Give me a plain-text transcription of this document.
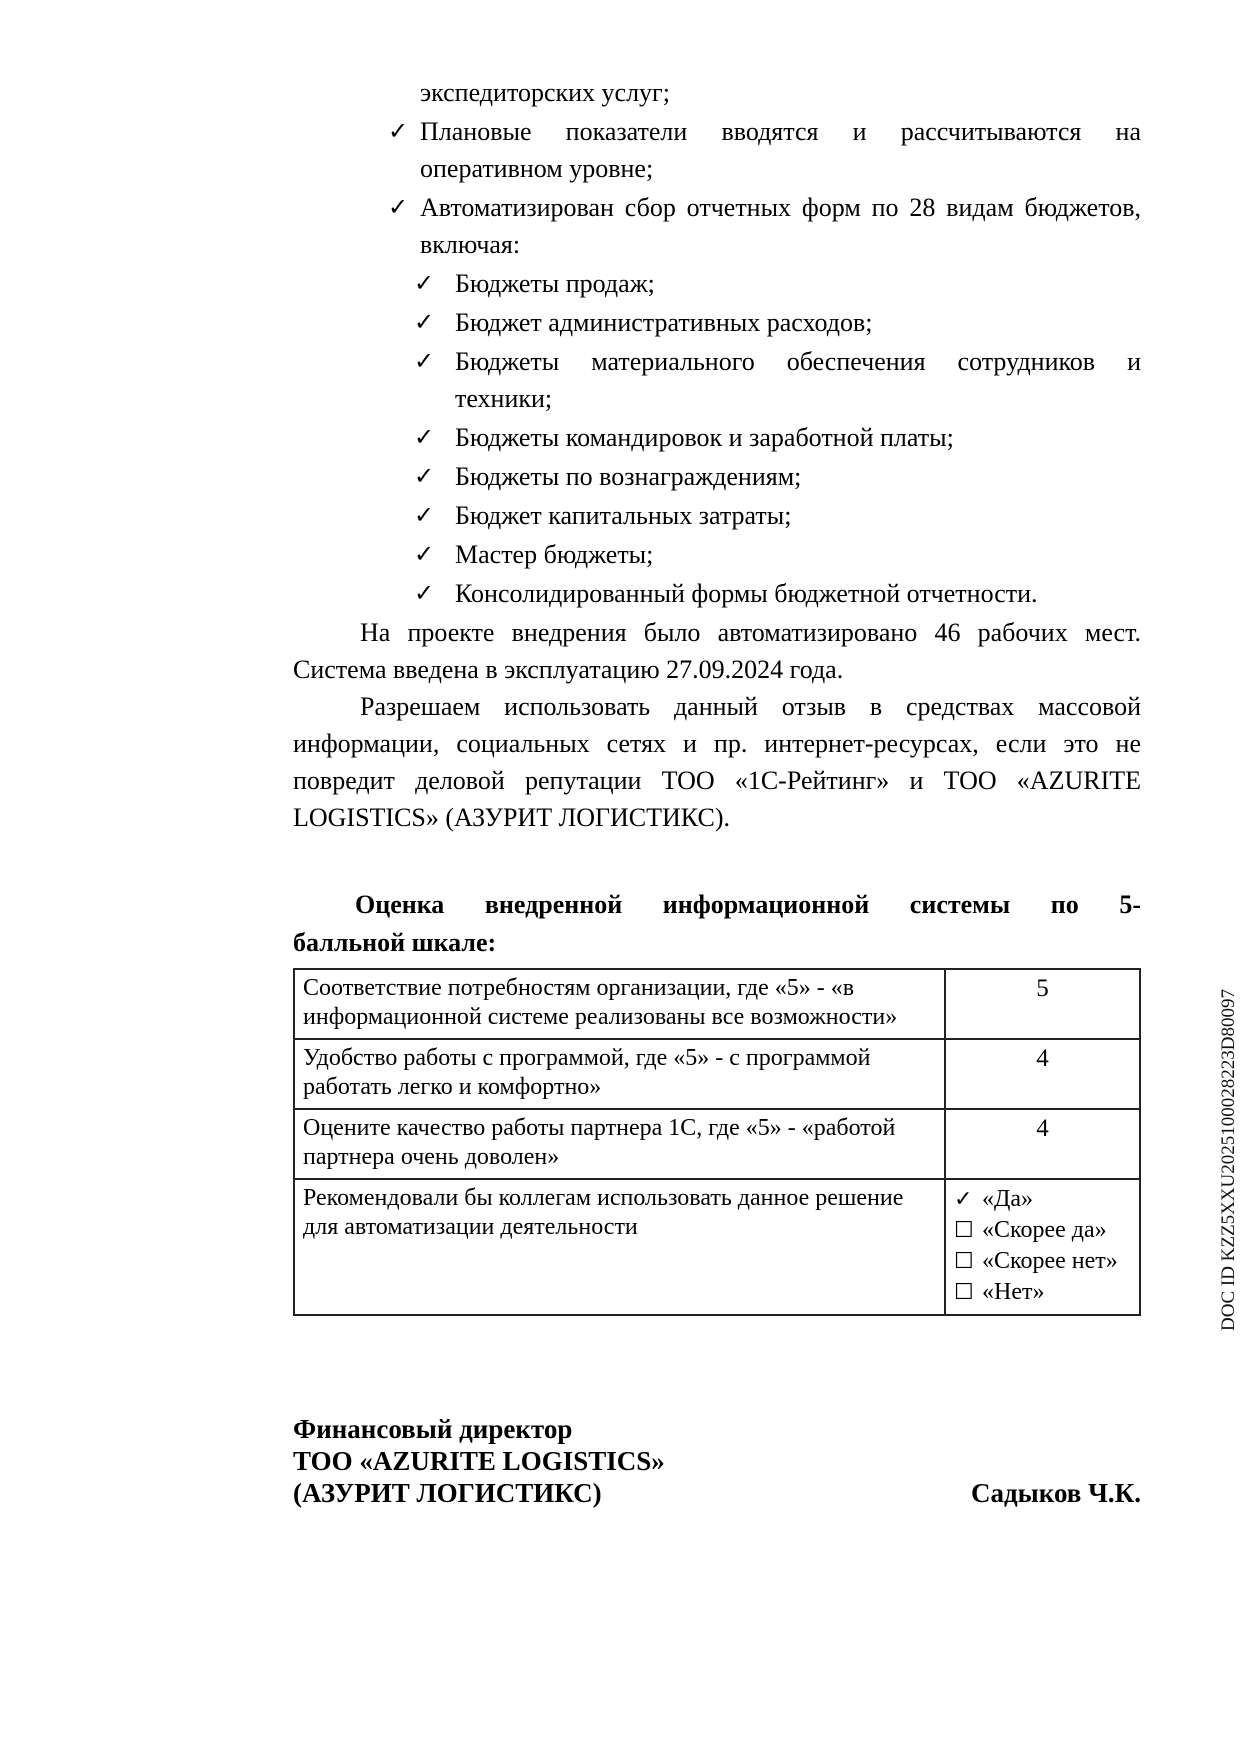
экспедиторских услуг;
✓ Плановые показатели вводятся и рассчитываются на оперативном уровне;
✓ Автоматизирован сбор отчетных форм по 28 видам бюджетов, включая:
✓ Бюджеты продаж;
✓ Бюджет административных расходов;
✓ Бюджеты материального обеспечения сотрудников и техники;
✓ Бюджеты командировок и заработной платы;
✓ Бюджеты по вознаграждениям;
✓ Бюджет капитальных затраты;
✓ Мастер бюджеты;
✓ Консолидированный формы бюджетной отчетности.

На проекте внедрения было автоматизировано 46 рабочих мест. Система введена в эксплуатацию 27.09.2024 года.

Разрешаем использовать данный отзыв в средствах массовой информации, социальных сетях и пр. интернет-ресурсах, если это не повредит деловой репутации ТОО «1С-Рейтинг» и ТОО «AZURITE LOGISTICS» (АЗУРИТ ЛОГИСТИКС).

Оценка внедренной информационной системы по 5-
балльной шкале:
Соответствие потребностям организации, где «5» - «в информационной системе реализованы все возможности»	5
Удобство работы с программой, где «5» - с программой работать легко и комфортно»	4
Оцените качество работы партнера 1С, где «5» - «работой партнера очень доволен»	4
Рекомендовали бы коллегам использовать данное решение для автоматизации деятельности	✓ «Да»
☐ «Скорее да»
☐ «Скорее нет»
☐ «Нет»
Финансовый директор
ТОО «AZURITE LOGISTICS»
(АЗУРИТ ЛОГИСТИКС)	Садыков Ч.К.
DOC ID KZZ5XXU2025100028223D80097
